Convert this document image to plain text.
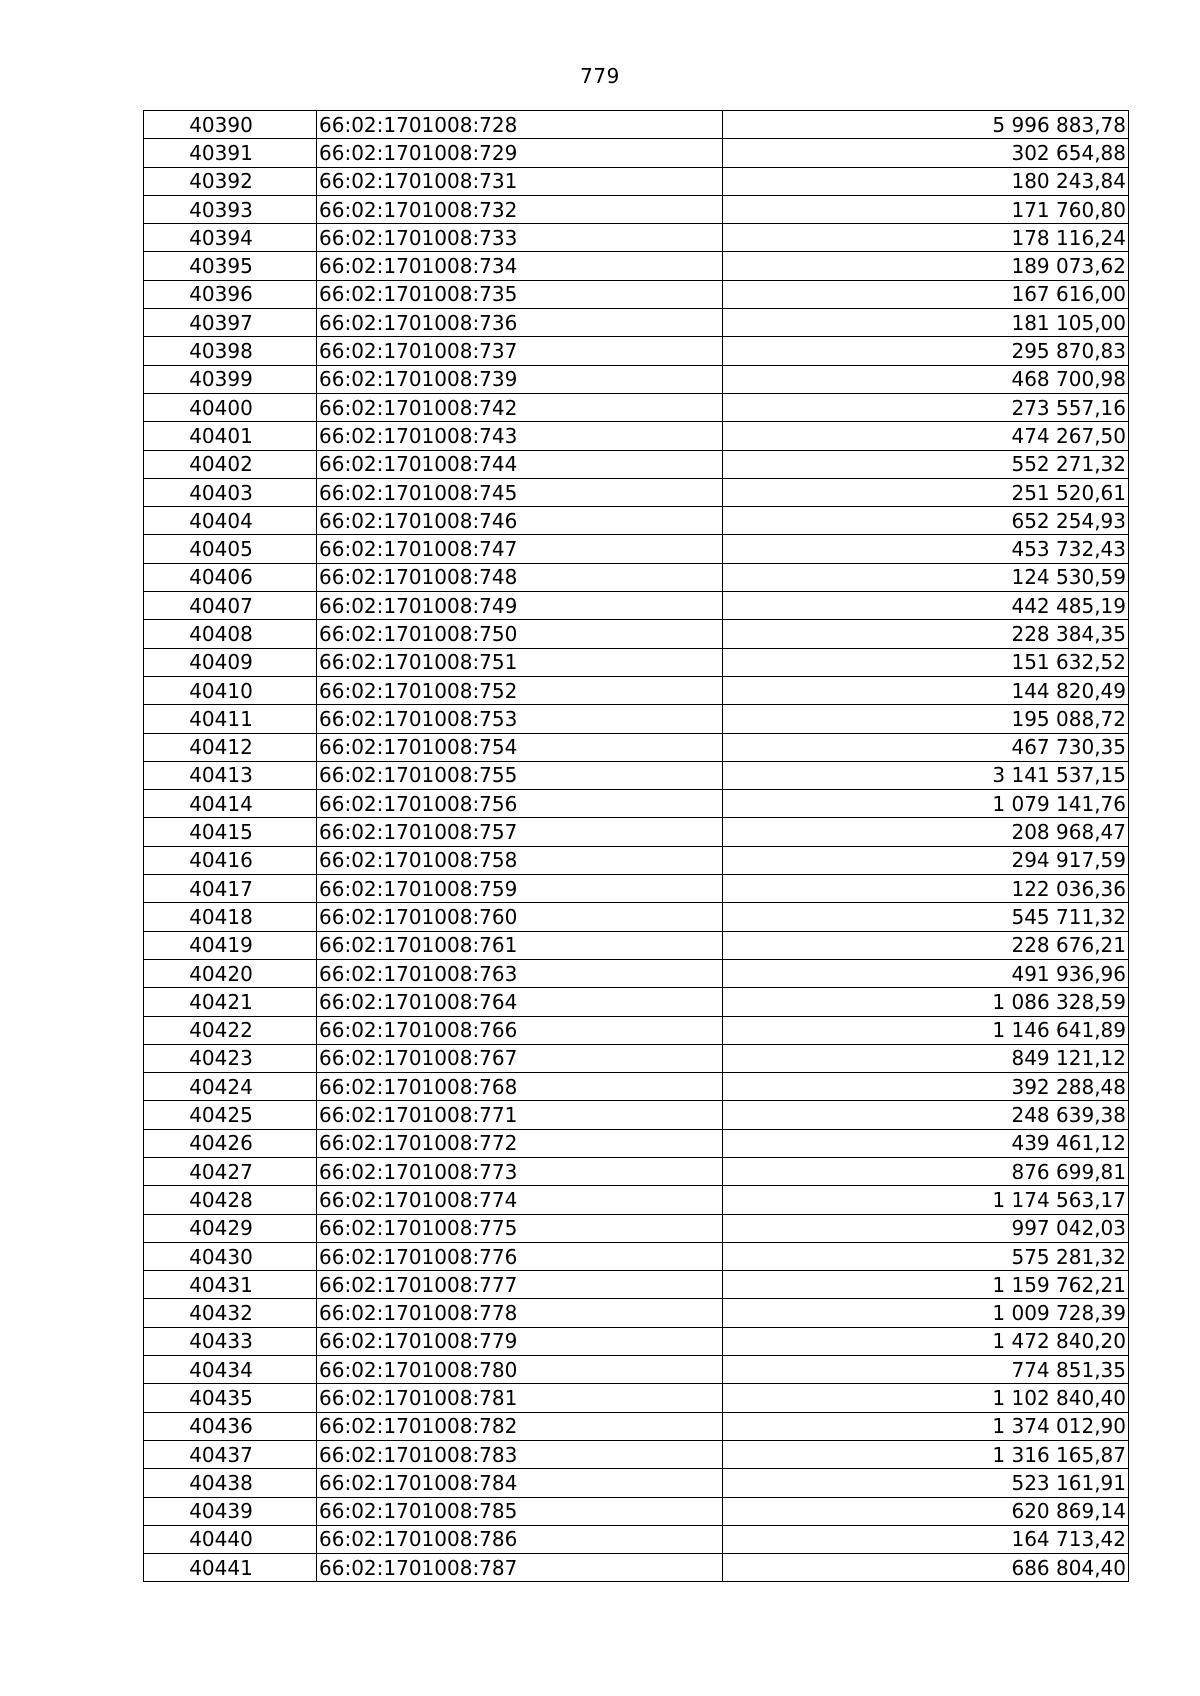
779
40390	66:02:1701008:728	5 996 883,78
40391	66:02:1701008:729	302 654,88
40392	66:02:1701008:731	180 243,84
40393	66:02:1701008:732	171 760,80
40394	66:02:1701008:733	178 116,24
40395	66:02:1701008:734	189 073,62
40396	66:02:1701008:735	167 616,00
40397	66:02:1701008:736	181 105,00
40398	66:02:1701008:737	295 870,83
40399	66:02:1701008:739	468 700,98
40400	66:02:1701008:742	273 557,16
40401	66:02:1701008:743	474 267,50
40402	66:02:1701008:744	552 271,32
40403	66:02:1701008:745	251 520,61
40404	66:02:1701008:746	652 254,93
40405	66:02:1701008:747	453 732,43
40406	66:02:1701008:748	124 530,59
40407	66:02:1701008:749	442 485,19
40408	66:02:1701008:750	228 384,35
40409	66:02:1701008:751	151 632,52
40410	66:02:1701008:752	144 820,49
40411	66:02:1701008:753	195 088,72
40412	66:02:1701008:754	467 730,35
40413	66:02:1701008:755	3 141 537,15
40414	66:02:1701008:756	1 079 141,76
40415	66:02:1701008:757	208 968,47
40416	66:02:1701008:758	294 917,59
40417	66:02:1701008:759	122 036,36
40418	66:02:1701008:760	545 711,32
40419	66:02:1701008:761	228 676,21
40420	66:02:1701008:763	491 936,96
40421	66:02:1701008:764	1 086 328,59
40422	66:02:1701008:766	1 146 641,89
40423	66:02:1701008:767	849 121,12
40424	66:02:1701008:768	392 288,48
40425	66:02:1701008:771	248 639,38
40426	66:02:1701008:772	439 461,12
40427	66:02:1701008:773	876 699,81
40428	66:02:1701008:774	1 174 563,17
40429	66:02:1701008:775	997 042,03
40430	66:02:1701008:776	575 281,32
40431	66:02:1701008:777	1 159 762,21
40432	66:02:1701008:778	1 009 728,39
40433	66:02:1701008:779	1 472 840,20
40434	66:02:1701008:780	774 851,35
40435	66:02:1701008:781	1 102 840,40
40436	66:02:1701008:782	1 374 012,90
40437	66:02:1701008:783	1 316 165,87
40438	66:02:1701008:784	523 161,91
40439	66:02:1701008:785	620 869,14
40440	66:02:1701008:786	164 713,42
40441	66:02:1701008:787	686 804,40
